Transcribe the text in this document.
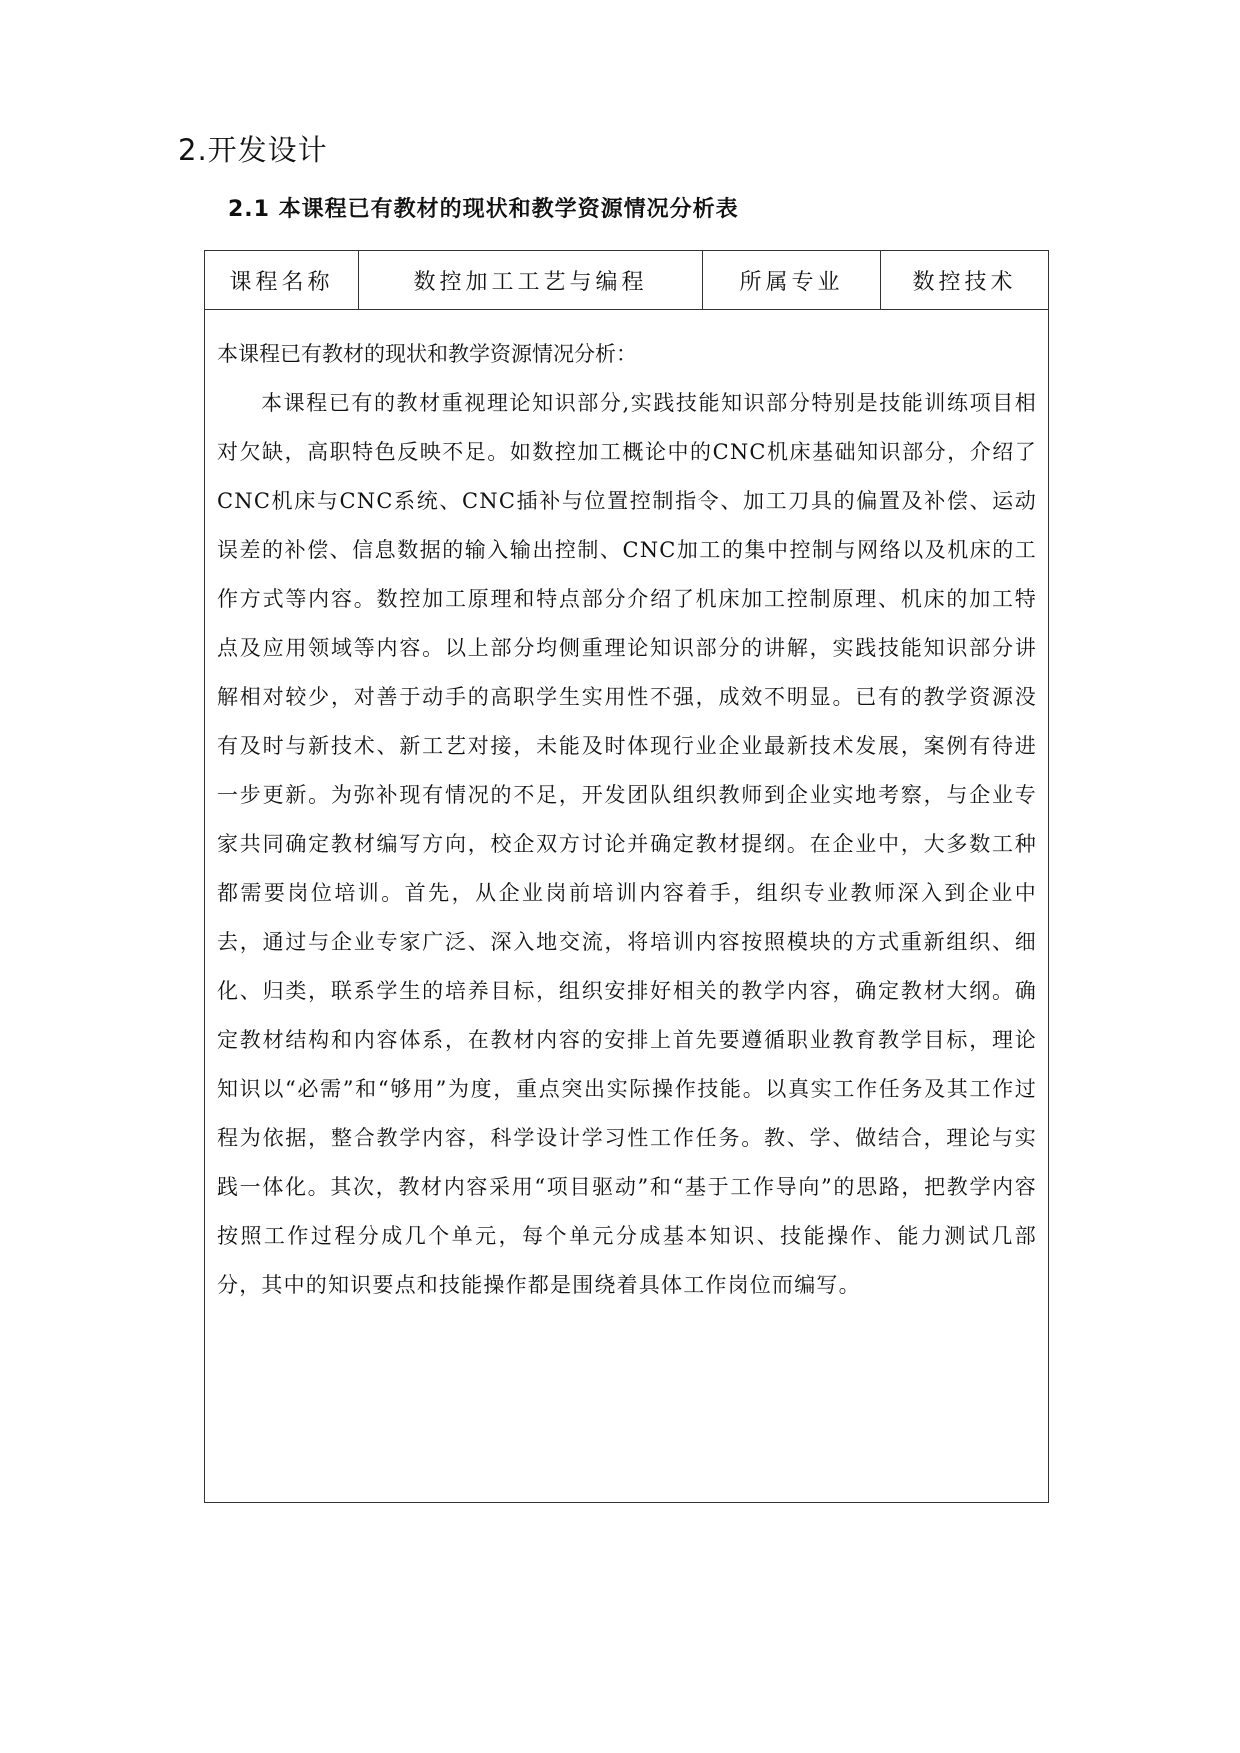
2.开发设计
2.1 本课程已有教材的现状和教学资源情况分析表
课程名称	数控加工工艺与编程	所属专业	数控技术

本课程已有教材的现状和教学资源情况分析：

本课程已有的教材重视理论知识部分,实践技能知识部分特别是技能训练项目相对欠缺，高职特色反映不足。如数控加工概论中的CNC机床基础知识部分，介绍了CNC机床与CNC系统、CNC插补与位置控制指令、加工刀具的偏置及补偿、运动误差的补偿、信息数据的输入输出控制、CNC加工的集中控制与网络以及机床的工作方式等内容。数控加工原理和特点部分介绍了机床加工控制原理、机床的加工特点及应用领域等内容。以上部分均侧重理论知识部分的讲解，实践技能知识部分讲解相对较少，对善于动手的高职学生实用性不强，成效不明显。已有的教学资源没有及时与新技术、新工艺对接，未能及时体现行业企业最新技术发展，案例有待进一步更新。为弥补现有情况的不足，开发团队组织教师到企业实地考察，与企业专家共同确定教材编写方向，校企双方讨论并确定教材提纲。在企业中，大多数工种都需要岗位培训。首先，从企业岗前培训内容着手，组织专业教师深入到企业中去，通过与企业专家广泛、深入地交流，将培训内容按照模块的方式重新组织、细化、归类，联系学生的培养目标，组织安排好相关的教学内容，确定教材大纲。确定教材结构和内容体系，在教材内容的安排上首先要遵循职业教育教学目标，理论知识以“必需”和“够用”为度，重点突出实际操作技能。以真实工作任务及其工作过程为依据，整合教学内容，科学设计学习性工作任务。教、学、做结合，理论与实践一体化。其次，教材内容采用“项目驱动”和“基于工作导向”的思路，把教学内容按照工作过程分成几个单元，每个单元分成基本知识、技能操作、能力测试几部分，其中的知识要点和技能操作都是围绕着具体工作岗位而编写。
